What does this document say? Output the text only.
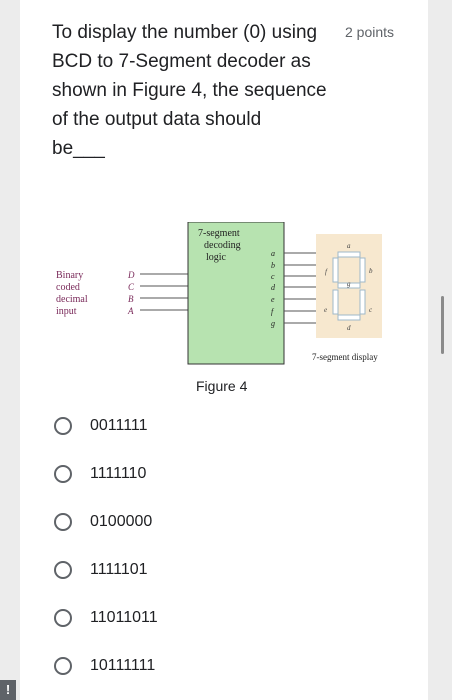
To display the number (0) using
BCD to 7-Segment decoder as
shown in Figure 4, the sequence
of the output data should
be___
2 points
Binary
coded
decimal
input
D
C
B
A
7-segment
decoding
logic	a
b
c
d
e
f
g
a
b
c
d
e
f
g
7-segment display
Figure 4
0011111
1111110
0100000
1111101
11011011
10111111
!
